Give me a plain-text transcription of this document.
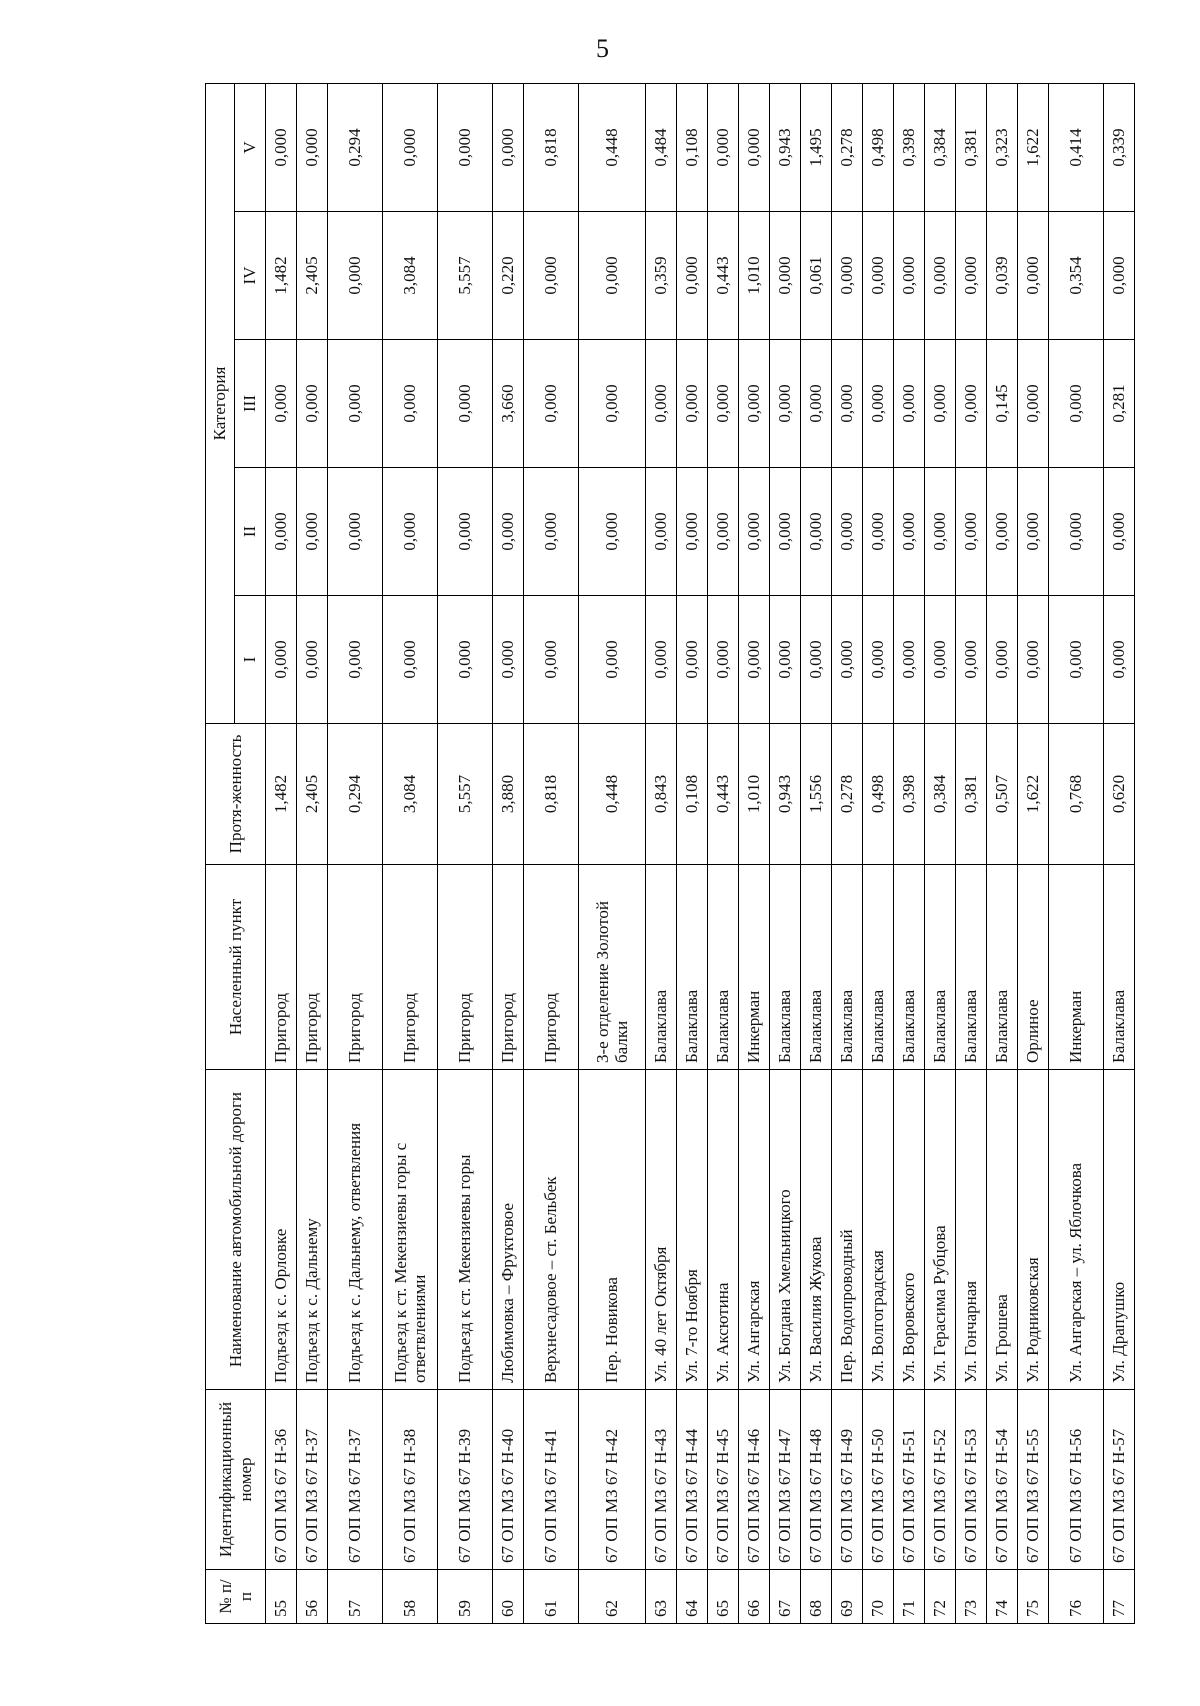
5
№ п/п	Идентификационный номер	Наименование автомобильной дороги	Населенный пункт	Протя-женность	Категория				
					I	II	III	IV	V
55	67 ОП МЗ 67 Н-36	Подъезд к с. Орловке	Пригород	1,482	0,000	0,000	0,000	1,482	0,000
56	67 ОП МЗ 67 Н-37	Подъезд к с. Дальнему	Пригород	2,405	0,000	0,000	0,000	2,405	0,000
57	67 ОП МЗ 67 Н-37	Подъезд к с. Дальнему, ответвления	Пригород	0,294	0,000	0,000	0,000	0,000	0,294
58	67 ОП МЗ 67 Н-38	Подъезд к ст. Мекензиевы горы с ответвлениями	Пригород	3,084	0,000	0,000	0,000	3,084	0,000
59	67 ОП МЗ 67 Н-39	Подъезд к ст. Мекензиевы горы	Пригород	5,557	0,000	0,000	0,000	5,557	0,000
60	67 ОП МЗ 67 Н-40	Любимовка – Фруктовое	Пригород	3,880	0,000	0,000	3,660	0,220	0,000
61	67 ОП МЗ 67 Н-41	Верхнесадовое – ст. Бельбек	Пригород	0,818	0,000	0,000	0,000	0,000	0,818
62	67 ОП МЗ 67 Н-42	Пер. Новикова	3-е отделение Золотой балки	0,448	0,000	0,000	0,000	0,000	0,448
63	67 ОП МЗ 67 Н-43	Ул. 40 лет Октября	Балаклава	0,843	0,000	0,000	0,000	0,359	0,484
64	67 ОП МЗ 67 Н-44	Ул. 7-го Ноября	Балаклава	0,108	0,000	0,000	0,000	0,000	0,108
65	67 ОП МЗ 67 Н-45	Ул. Аксютина	Балаклава	0,443	0,000	0,000	0,000	0,443	0,000
66	67 ОП МЗ 67 Н-46	Ул. Ангарская	Инкерман	1,010	0,000	0,000	0,000	1,010	0,000
67	67 ОП МЗ 67 Н-47	Ул. Богдана Хмельницкого	Балаклава	0,943	0,000	0,000	0,000	0,000	0,943
68	67 ОП МЗ 67 Н-48	Ул. Василия Жукова	Балаклава	1,556	0,000	0,000	0,000	0,061	1,495
69	67 ОП МЗ 67 Н-49	Пер. Водопроводный	Балаклава	0,278	0,000	0,000	0,000	0,000	0,278
70	67 ОП МЗ 67 Н-50	Ул. Волгоградская	Балаклава	0,498	0,000	0,000	0,000	0,000	0,498
71	67 ОП МЗ 67 Н-51	Ул. Воровского	Балаклава	0,398	0,000	0,000	0,000	0,000	0,398
72	67 ОП МЗ 67 Н-52	Ул. Герасима Рубцова	Балаклава	0,384	0,000	0,000	0,000	0,000	0,384
73	67 ОП МЗ 67 Н-53	Ул. Гончарная	Балаклава	0,381	0,000	0,000	0,000	0,000	0,381
74	67 ОП МЗ 67 Н-54	Ул. Грошева	Балаклава	0,507	0,000	0,000	0,145	0,039	0,323
75	67 ОП МЗ 67 Н-55	Ул. Родниковская	Орлиное	1,622	0,000	0,000	0,000	0,000	1,622
76	67 ОП МЗ 67 Н-56	Ул. Ангарская – ул. Яблочкова	Инкерман	0,768	0,000	0,000	0,000	0,354	0,414
77	67 ОП МЗ 67 Н-57	Ул. Драпушко	Балаклава	0,620	0,000	0,000	0,281	0,000	0,339
